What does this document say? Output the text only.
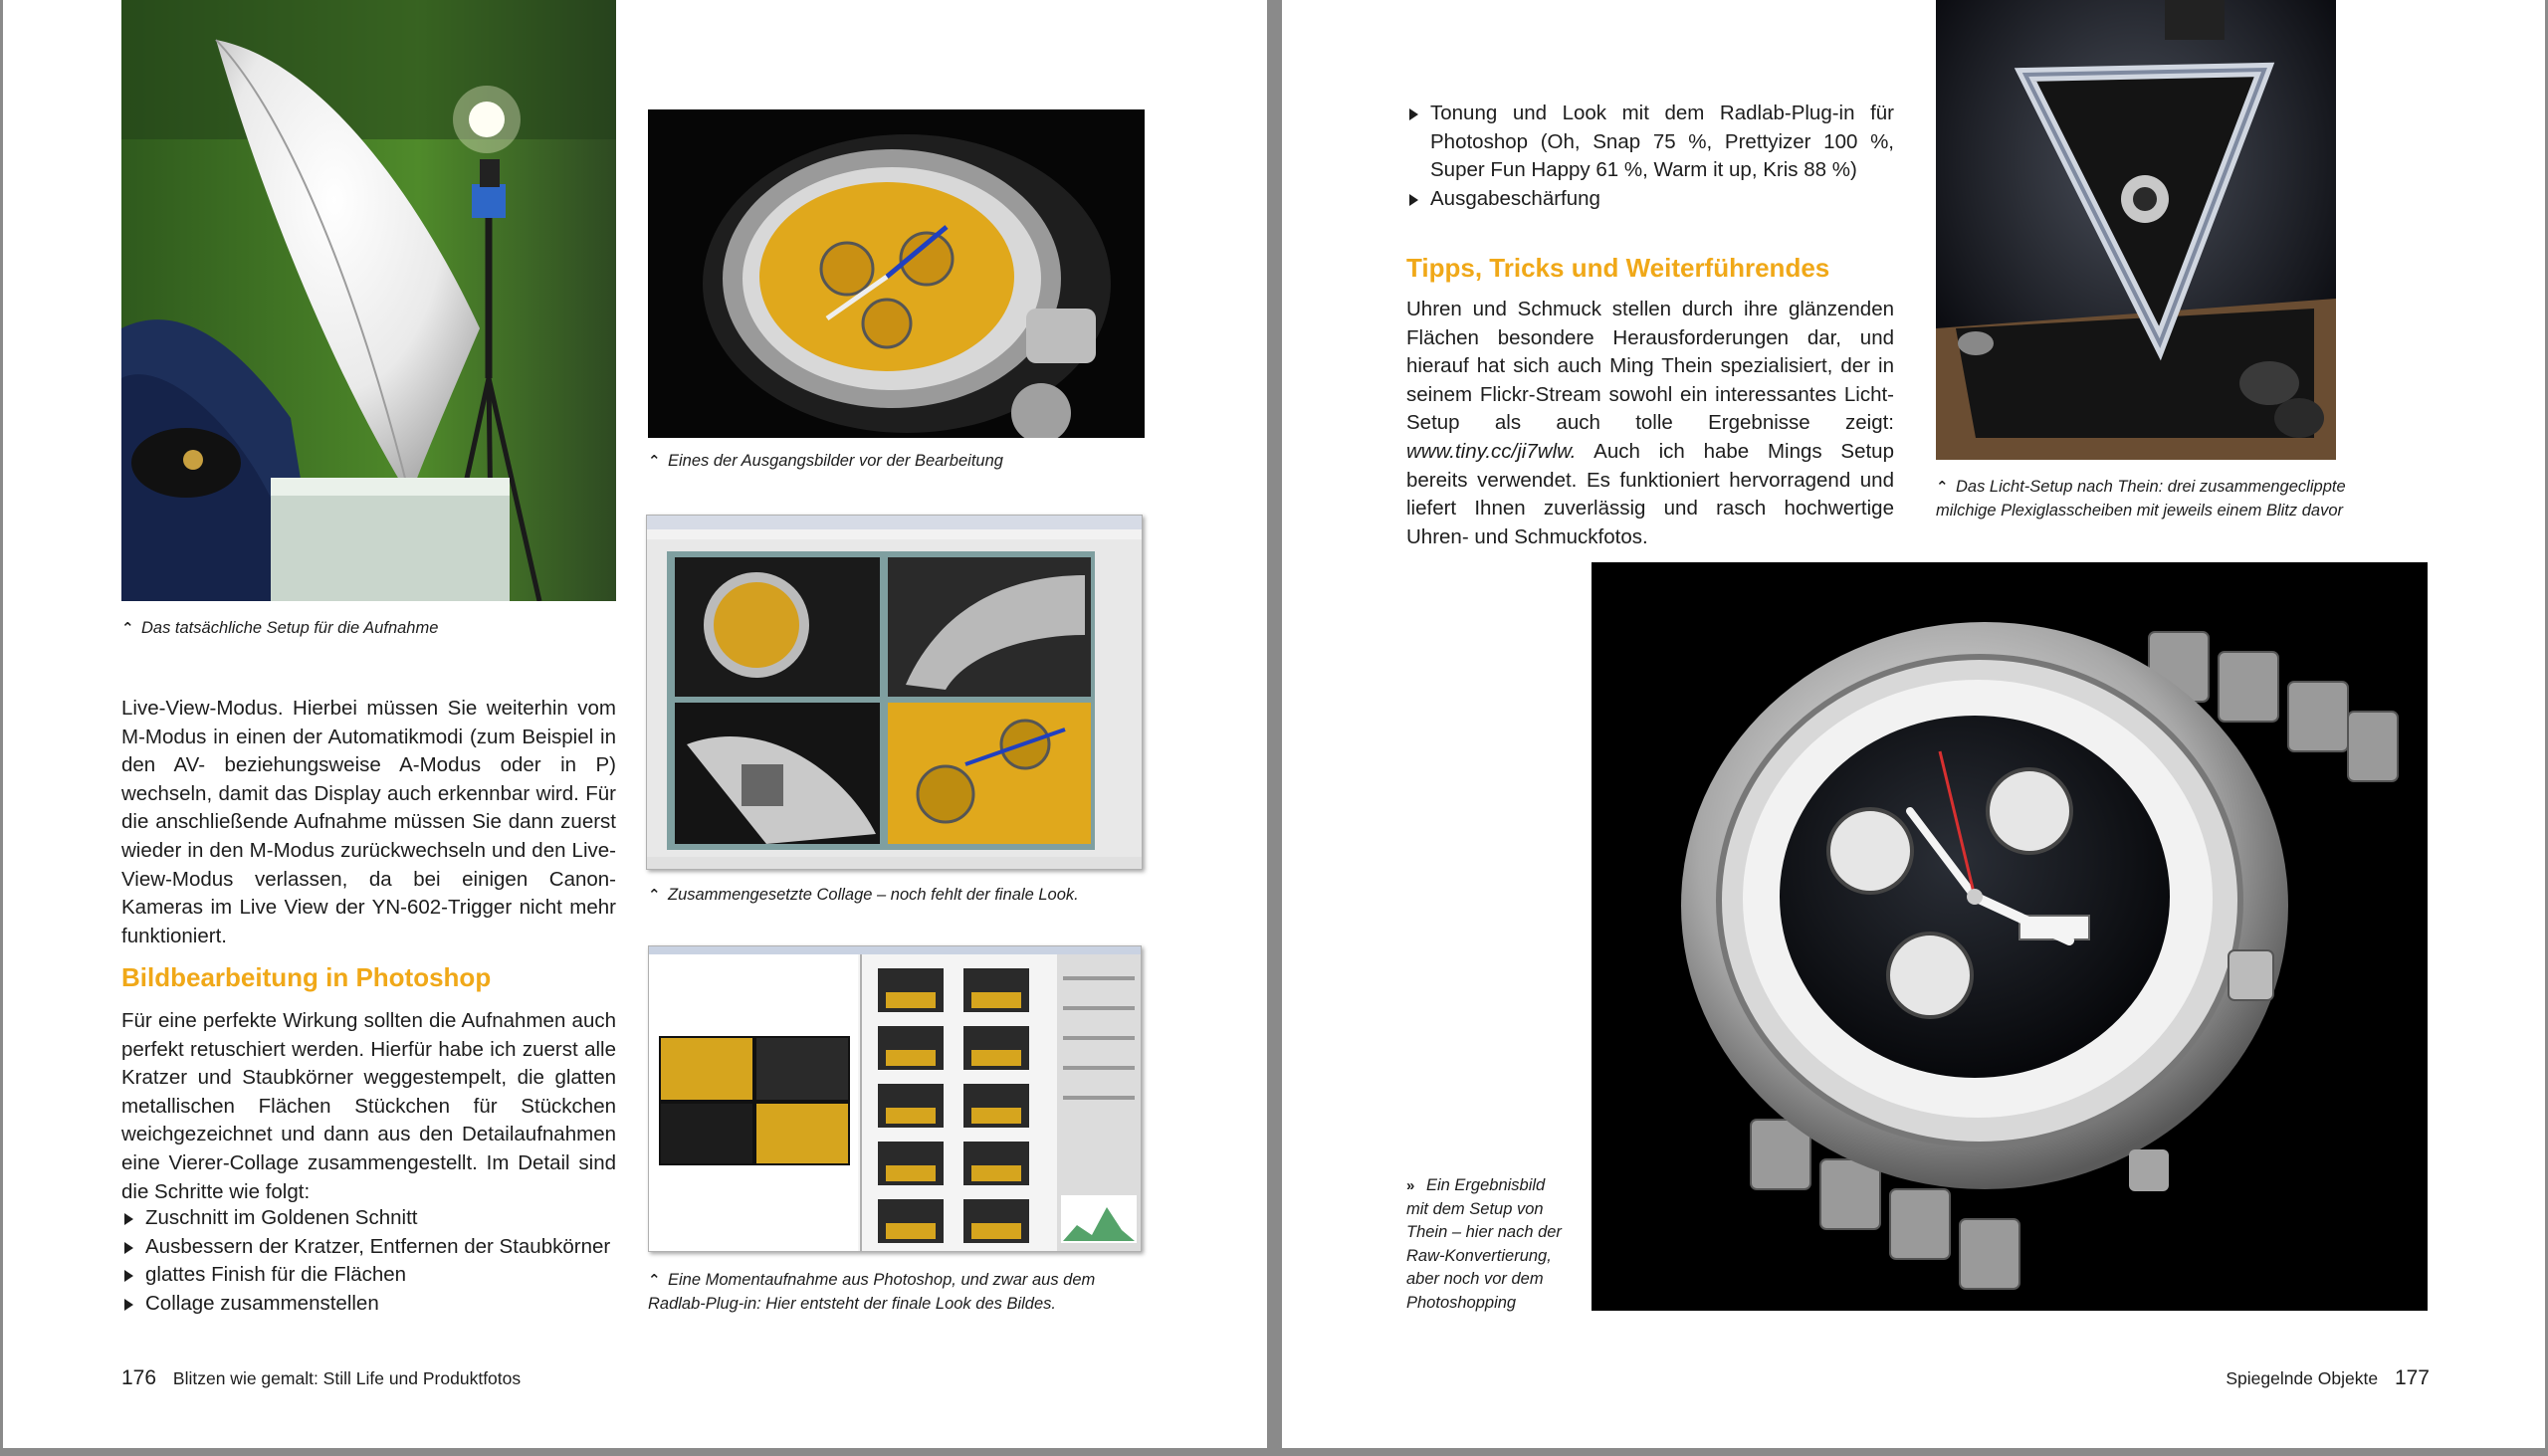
⌃ Das tatsächliche Setup für die Aufnahme
⌃ Eines der Ausgangsbilder vor der Bearbeitung
⌃ Zusammengesetzte Collage – noch fehlt der finale Look.
⌃ Eine Momentaufnahme aus Photoshop, und zwar aus dem
Radlab-Plug-in: Hier entsteht der finale Look des Bildes.
Live-View-Modus. Hierbei müssen Sie weiterhin vom M-Modus in einen der Automatikmodi (zum Beispiel in den AV- beziehungsweise A-Modus oder in P) wechseln, damit das Display auch erkennbar wird. Für die anschließende Aufnahme müssen Sie dann zuerst wieder in den M-Modus zurückwechseln und den Live-View-Modus verlassen, da bei einigen Canon-Kameras im Live View der YN-602-Trigger nicht mehr funktioniert.
Bildbearbeitung in Photoshop
Für eine perfekte Wirkung sollten die Aufnahmen auch perfekt retuschiert werden. Hierfür habe ich zuerst alle Kratzer und Staubkörner weggestempelt, die glatten metallischen Flächen Stückchen für Stückchen weichgezeichnet und dann aus den Detailaufnahmen eine Vierer-Collage zusammengestellt. Im Detail sind die Schritte wie folgt:
Zuschnitt im Goldenen Schnitt
Ausbessern der Kratzer, Entfernen der Staubkörner
glattes Finish für die Flächen
Collage zusammenstellen
176 Blitzen wie gemalt: Still Life und Produktfotos
Tonung und Look mit dem Radlab-Plug-in für Photoshop (Oh, Snap 75 %, Prettyizer 100 %, Super Fun Happy 61 %, Warm it up, Kris 88 %)
Ausgabeschärfung
Tipps, Tricks und Weiterführendes
Uhren und Schmuck stellen durch ihre glänzenden Flächen besondere Herausforderungen dar, und hierauf hat sich auch Ming Thein spezialisiert, der in seinem Flickr-Stream sowohl ein interessantes Licht-Setup als auch tolle Ergebnisse zeigt: www.tiny.cc/ji7wlw. Auch ich habe Mings Setup bereits verwendet. Es funktioniert hervorragend und liefert Ihnen zuverlässig und rasch hochwertige Uhren- und Schmuckfotos.
⌃ Das Licht-Setup nach Thein: drei zusammengeclippte
milchige Plexiglasscheiben mit jeweils einem Blitz davor
» Ein Ergebnisbild
mit dem Setup von
Thein – hier nach der
Raw-Konvertierung,
aber noch vor dem
Photoshopping
Spiegelnde Objekte 177
